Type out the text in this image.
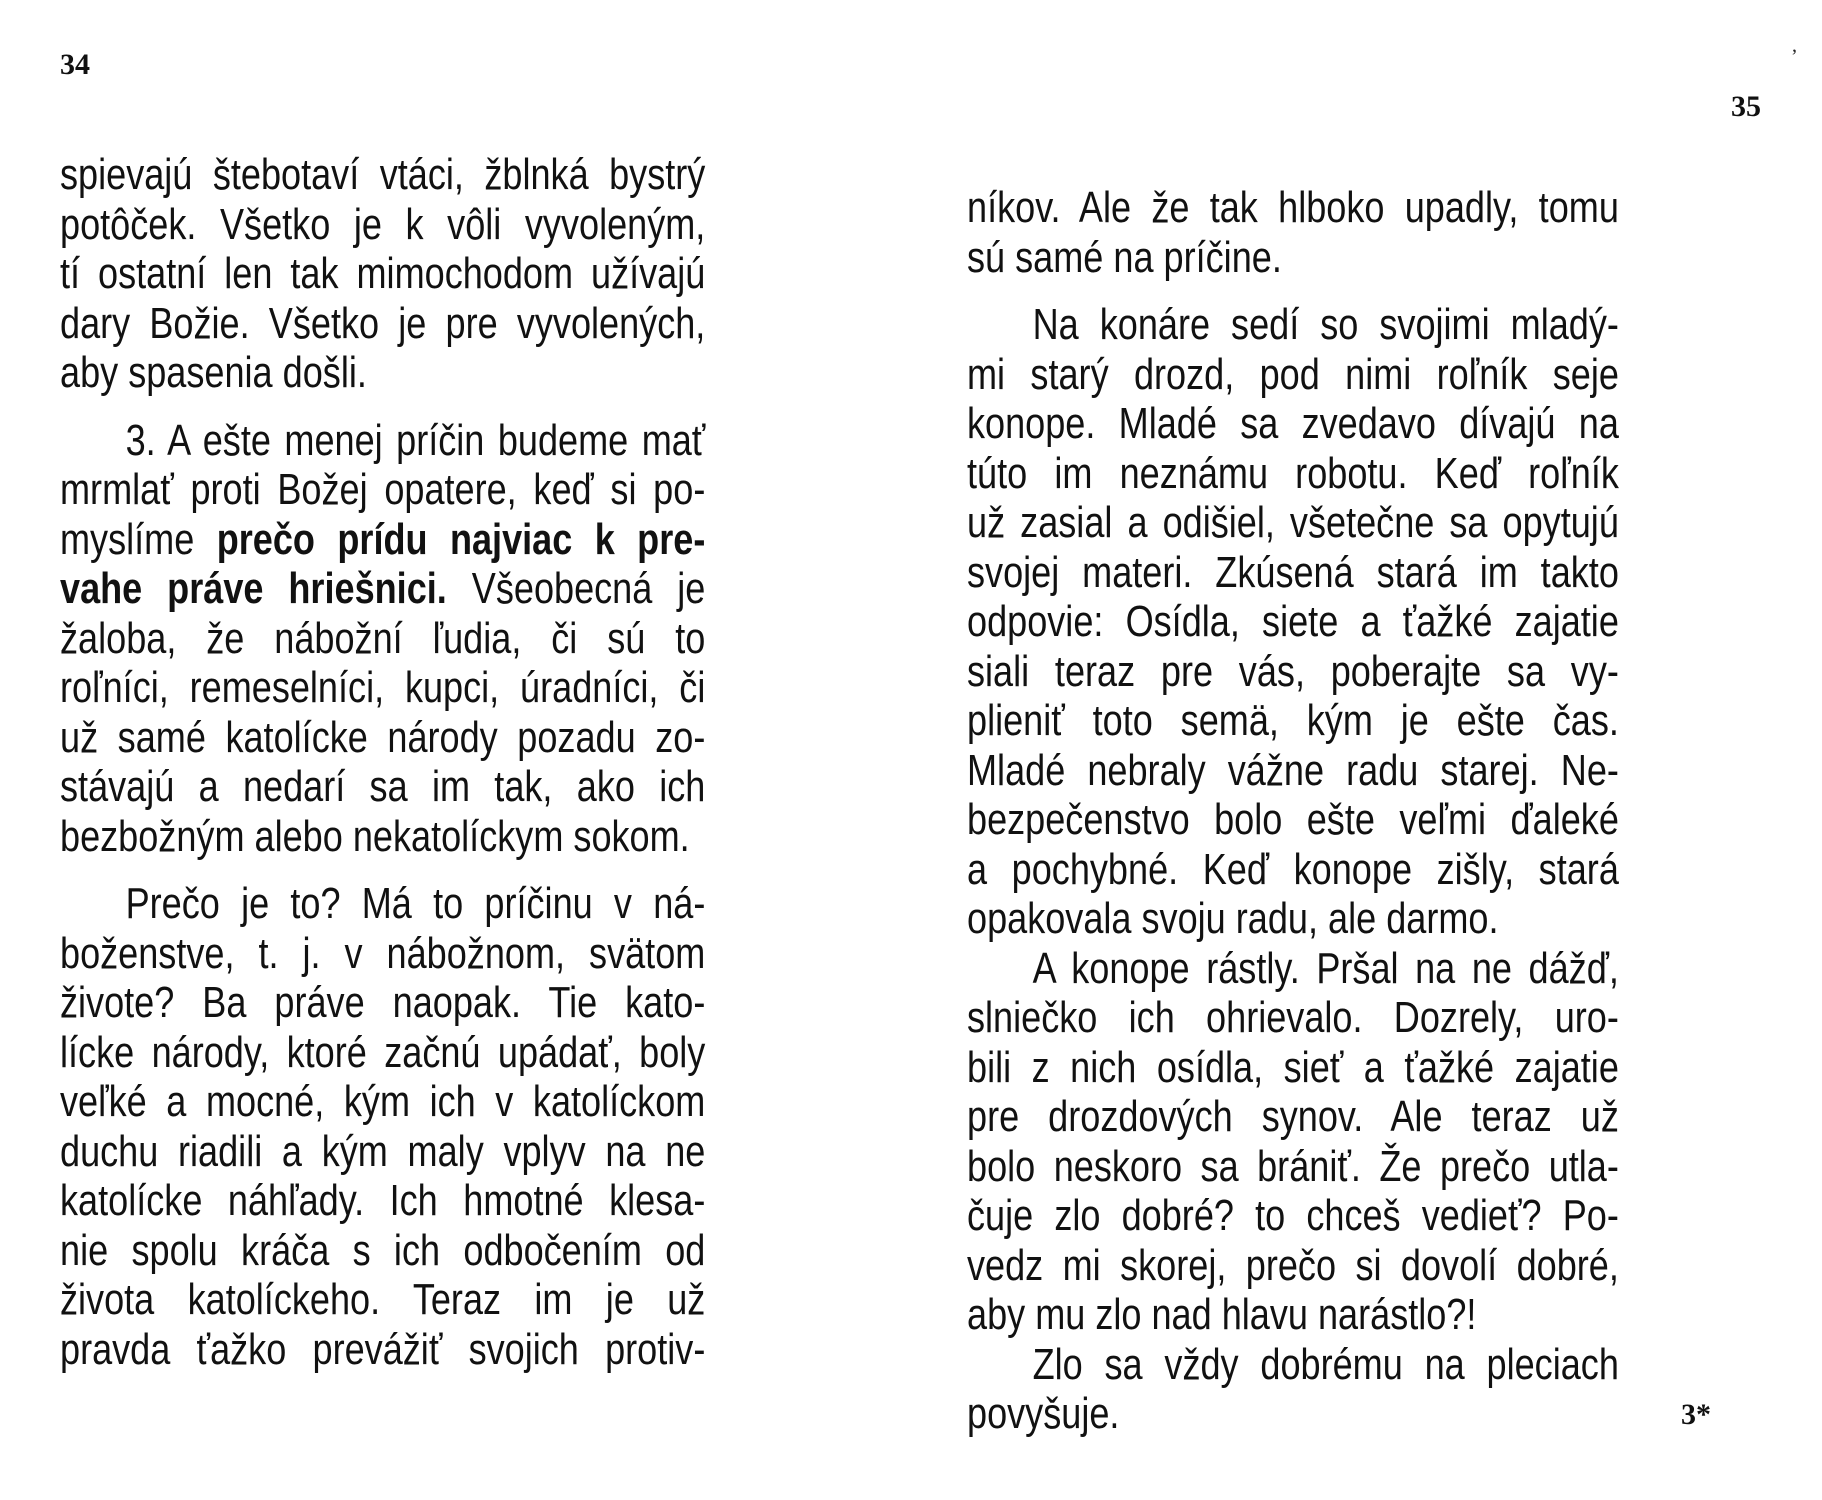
34
spievajú štebotaví vtáci, žblnká bystrý
potôček. Všetko je k vôli vyvoleným,
tí ostatní len tak mimochodom užívajú
dary Božie. Všetko je pre vyvolených,
aby spasenia došli.
3. A ešte menej príčin budeme mať
mrmlať proti Božej opatere, keď si po-
myslíme prečo prídu najviac k pre-
vahe práve hriešnici. Všeobecná je
žaloba, že nábožní ľudia, či sú to
roľníci, remeselníci, kupci, úradníci, či
už samé katolícke národy pozadu zo-
stávajú a nedarí sa im tak, ako ich
bezbožným alebo nekatolíckym sokom.
Prečo je to? Má to príčinu v ná-
boženstve, t. j. v nábožnom, svätom
živote? Ba práve naopak. Tie kato-
lícke národy, ktoré začnú upádať, boly
veľké a mocné, kým ich v katolíckom
duchu riadili a kým maly vplyv na ne
katolícke náhľady. Ich hmotné klesa-
nie spolu kráča s ich odbočením od
života katolíckeho. Teraz im je už
pravda ťažko prevážiť svojich protiv-
ʼ
35
níkov. Ale že tak hlboko upadly, tomu
sú samé na príčine.
Na konáre sedí so svojimi mladý-
mi starý drozd, pod nimi roľník seje
konope. Mladé sa zvedavo dívajú na
túto im neznámu robotu. Keď roľník
už zasial a odišiel, všetečne sa opytujú
svojej materi. Zkúsená stará im takto
odpovie: Osídla, siete a ťažké zajatie
siali teraz pre vás, poberajte sa vy-
plieniť toto semä, kým je ešte čas.
Mladé nebraly vážne radu starej. Ne-
bezpečenstvo bolo ešte veľmi ďaleké
a pochybné. Keď konope zišly, stará
opakovala svoju radu, ale darmo.
A konope rástly. Pršal na ne dážď,
slniečko ich ohrievalo. Dozrely, uro-
bili z nich osídla, sieť a ťažké zajatie
pre drozdových synov. Ale teraz už
bolo neskoro sa brániť. Že prečo utla-
čuje zlo dobré? to chceš vedieť? Po-
vedz mi skorej, prečo si dovolí dobré,
aby mu zlo nad hlavu narástlo?!
Zlo sa vždy dobrému na pleciach
povyšuje.	3*
